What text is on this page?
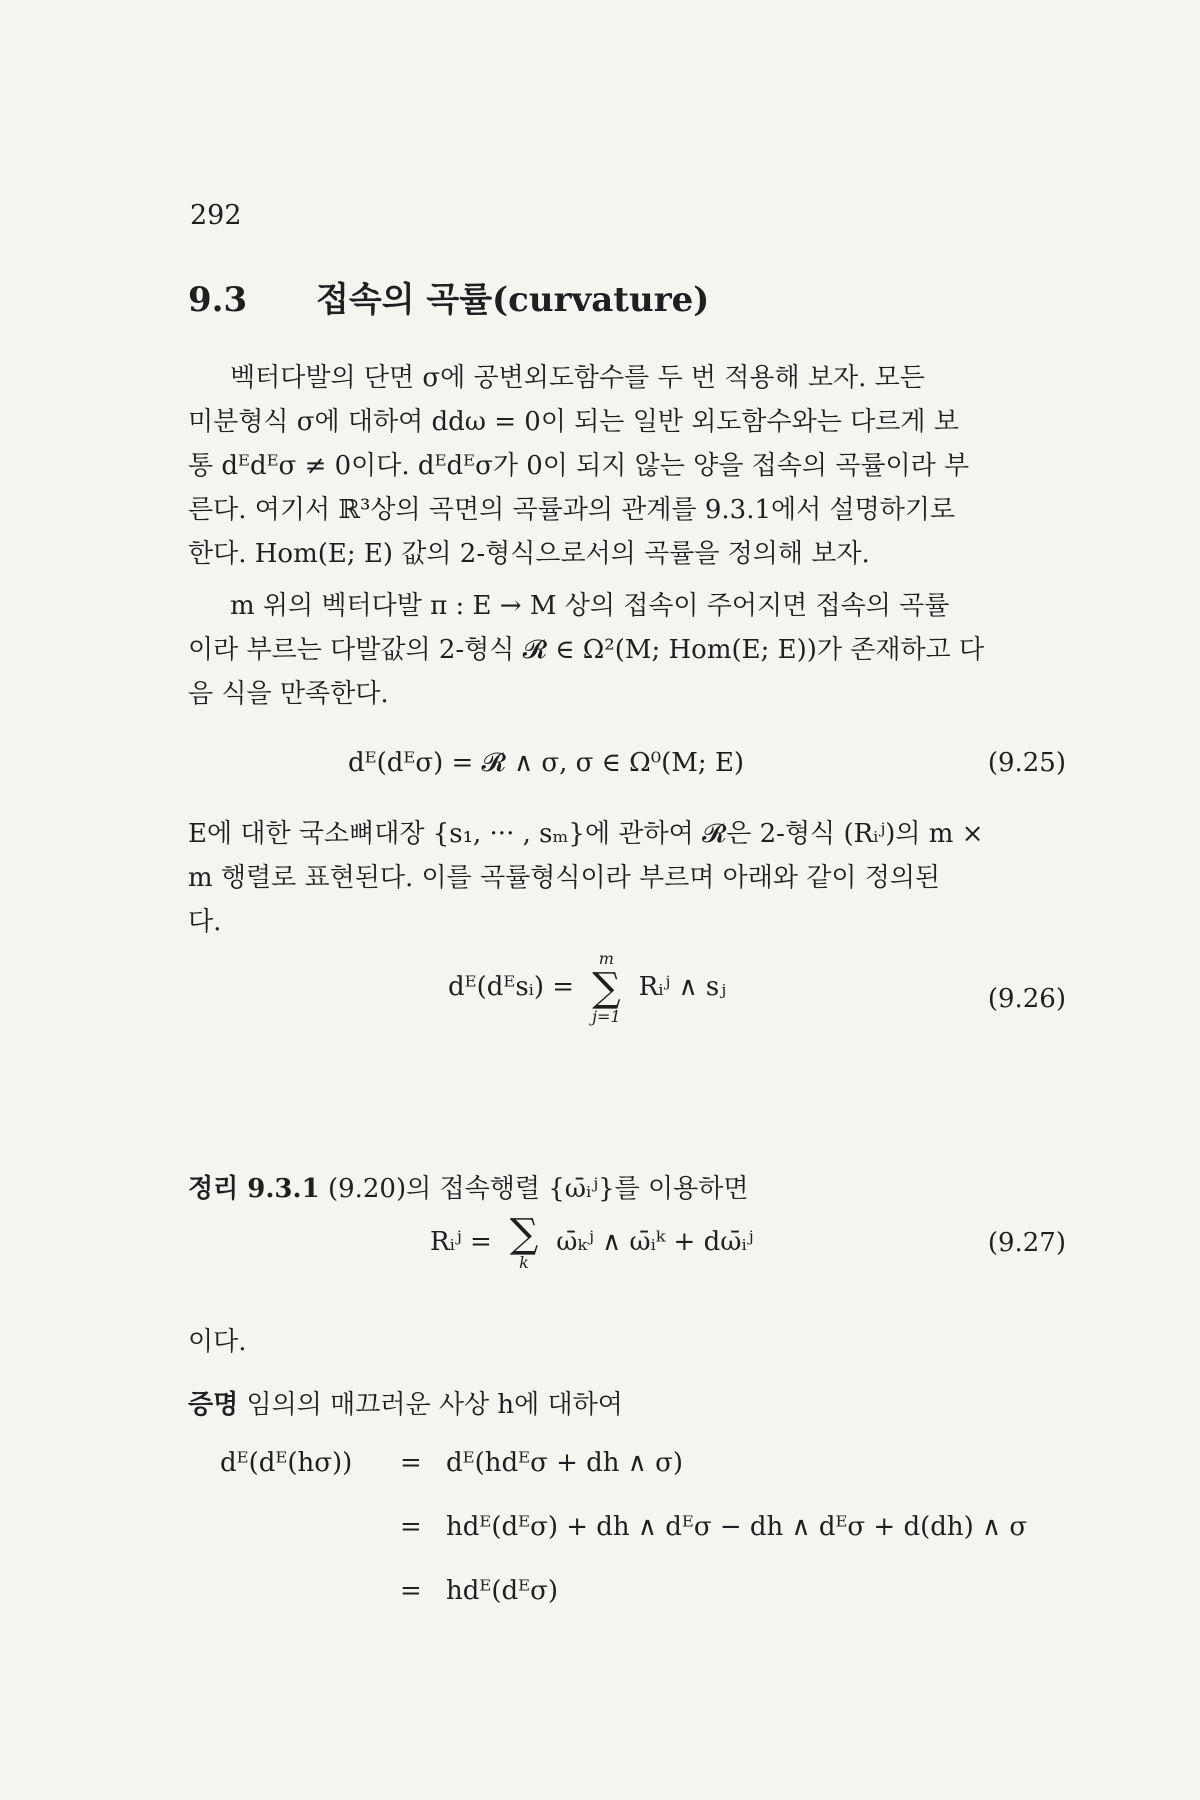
292
9.3 접속의 곡률(curvature)
벡터다발의 단면 σ에 공변외도함수를 두 번 적용해 보자. 모든
미분형식 σ에 대하여 ddω = 0이 되는 일반 외도함수와는 다르게 보
통 dᴱdᴱσ ≠ 0이다. dᴱdᴱσ가 0이 되지 않는 양을 접속의 곡률이라 부
른다. 여기서 ℝ³상의 곡면의 곡률과의 관계를 9.3.1에서 설명하기로
한다. Hom(E; E) 값의 2-형식으로서의 곡률을 정의해 보자.
m 위의 벡터다발 π : E → M 상의 접속이 주어지면 접속의 곡률
이라 부르는 다발값의 2-형식 𝓡 ∈ Ω²(M; Hom(E; E))가 존재하고 다
음 식을 만족한다.
dᴱ(dᴱσ) = 𝓡 ∧ σ, σ ∈ Ω⁰(M; E)	(9.25)
E에 대한 국소뼈대장 {s₁, ··· , sₘ}에 관하여 𝓡은 2-형식 (Rᵢʲ)의 m ×
m 행렬로 표현된다. 이를 곡률형식이라 부르며 아래와 같이 정의된
다.
dᴱ(dᴱsᵢ) =
m
∑
j=1
Rᵢʲ ∧ sⱼ	(9.26)
정리 9.3.1 (9.20)의 접속행렬 {ω̄ᵢʲ}를 이용하면
Rᵢʲ = ∑
k
ω̄ₖʲ ∧ ω̄ᵢᵏ + dω̄ᵢʲ	(9.27)
이다.
증명 임의의 매끄러운 사상 h에 대하여
dᴱ(dᴱ(hσ)) = dᴱ(hdᴱσ + dh ∧ σ)
= hdᴱ(dᴱσ) + dh ∧ dᴱσ − dh ∧ dᴱσ + d(dh) ∧ σ
= hdᴱ(dᴱσ)
